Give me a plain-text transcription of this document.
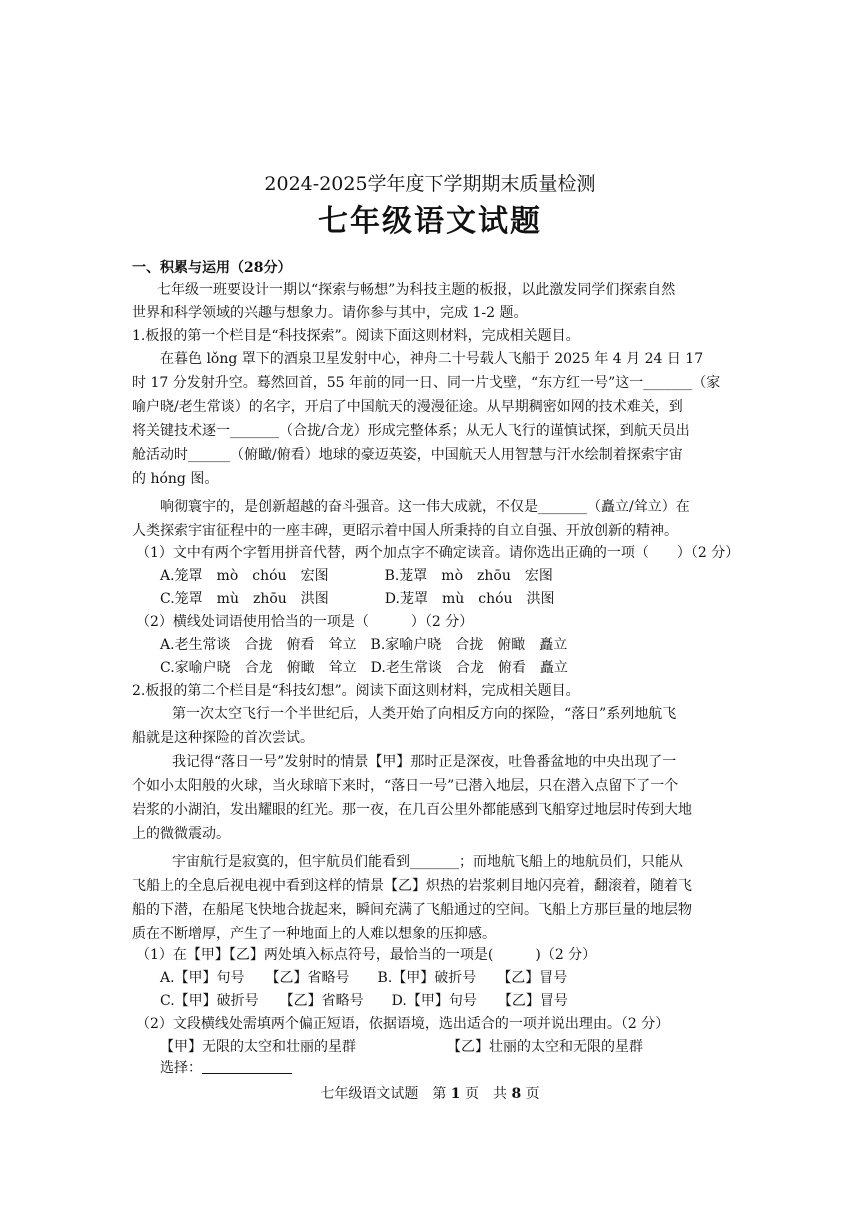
2024-2025学年度下学期期末质量检测
七年级语文试题
一、积累与运用（28分）
七年级一班要设计一期以“探索与畅想”为科技主题的板报，以此激发同学们探索自然
世界和科学领域的兴趣与想象力。请你参与其中，完成 1-2 题。
1.板报的第一个栏目是“科技探索”。阅读下面这则材料，完成相关题目。
在暮色 lǒng 罩下的酒泉卫星发射中心，神舟二十号载人飞船于 2025 年 4 月 24 日 17
时 17 分发射升空。蓦然回首，55 年前的同一日、同一片戈壁，“东方红一号”这一_______（家
喻户晓/老生常谈）的名字，开启了中国航天的漫漫征途。从早期稠密如网的技术难关，到
将关键技术逐一_______（合拢/合龙）形成完整体系；从无人飞行的谨慎试探，到航天员出
舱活动时______（俯瞰/俯看）地球的豪迈英姿，中国航天人用智慧与汗水绘制着探索宇宙
的 hóng 图。
响彻寰宇的，是创新超越的奋斗强音。这一伟大成就，不仅是_______（矗立/耸立）在
人类探索宇宙征程中的一座丰碑，更昭示着中国人所秉持的自立自强、开放创新的精神。
（1）文中有两个字暂用拼音代替，两个加点字不确定读音。请你选出正确的一项（　　）（2 分）
A.笼罩　mò　chóu　宏图　　　　B.茏罩　mò　zhōu　宏图
C.笼罩　mù　zhōu　洪图　　　　D.茏罩　mù　chóu　洪图
（2）横线处词语使用恰当的一项是（　　　）（2 分）
A.老生常谈　合拢　俯看　耸立　B.家喻户晓　合拢　俯瞰　矗立
C.家喻户晓　合龙　俯瞰　耸立　D.老生常谈　合龙　俯看　矗立
2.板报的第二个栏目是“科技幻想”。阅读下面这则材料，完成相关题目。
第一次太空飞行一个半世纪后，人类开始了向相反方向的探险，“落日”系列地航飞
船就是这种探险的首次尝试。
我记得“落日一号”发射时的情景【甲】那时正是深夜，吐鲁番盆地的中央出现了一
个如小太阳般的火球，当火球暗下来时，“落日一号”已潜入地层，只在潜入点留下了一个
岩浆的小湖泊，发出耀眼的红光。那一夜，在几百公里外都能感到飞船穿过地层时传到大地
上的微微震动。
宇宙航行是寂寞的，但宇航员们能看到_______；而地航飞船上的地航员们，只能从
飞船上的全息后视电视中看到这样的情景【乙】炽热的岩浆刺目地闪亮着，翻滚着，随着飞
船的下潜，在船尾飞快地合拢起来，瞬间充满了飞船通过的空间。飞船上方那巨量的地层物
质在不断增厚，产生了一种地面上的人难以想象的压抑感。
（1）在【甲】【乙】两处填入标点符号，最恰当的一项是(　　　)（2 分）
A.【甲】句号　　【乙】省略号　　B.【甲】破折号　　【乙】冒号
C.【甲】破折号　　【乙】省略号　　D.【甲】句号　　【乙】冒号
（2）文段横线处需填两个偏正短语，依据语境，选出适合的一项并说出理由。（2 分）
【甲】无限的太空和壮丽的星群　　　　　　　【乙】壮丽的太空和无限的星群
选择：
七年级语文试题　第 1 页　共 8 页
